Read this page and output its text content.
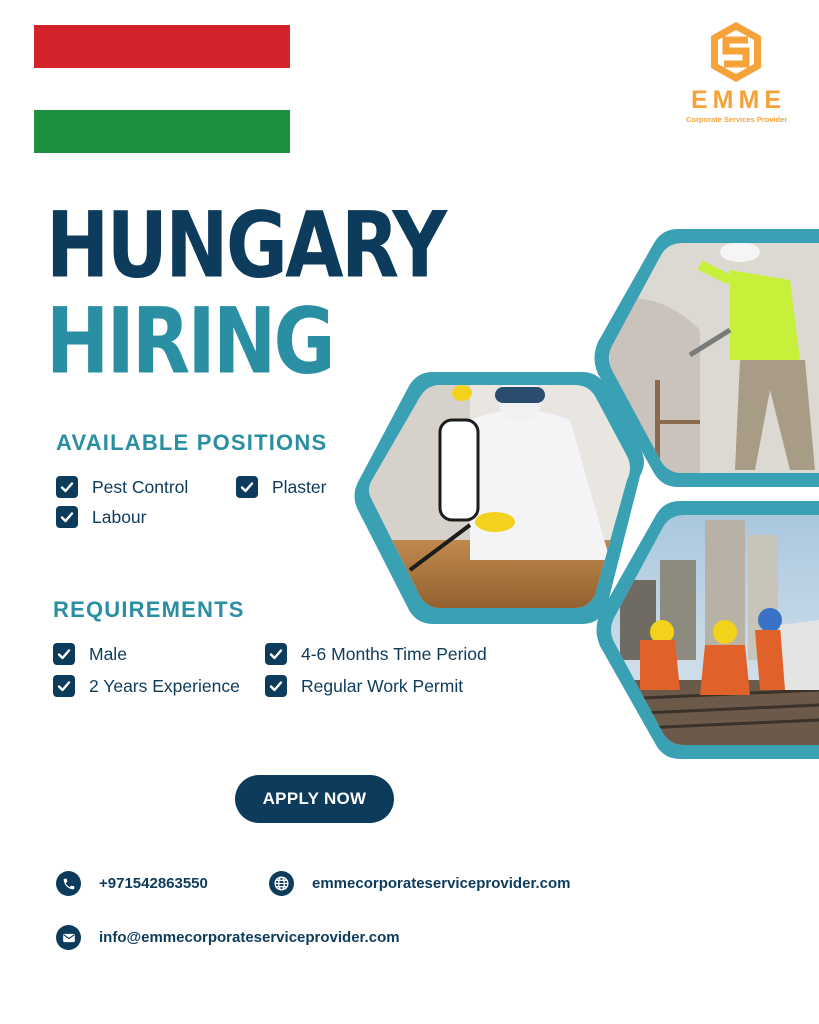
EMME
Corporate Services Provider
HUNGARY
HIRING
AVAILABLE POSITIONS
Pest Control	Plaster
Labour
REQUIREMENTS
Male	4-6 Months Time Period
2 Years Experience	Regular Work Permit
APPLY NOW
+971542863550	emmecorporateserviceprovider.com
info@emmecorporateserviceprovider.com
